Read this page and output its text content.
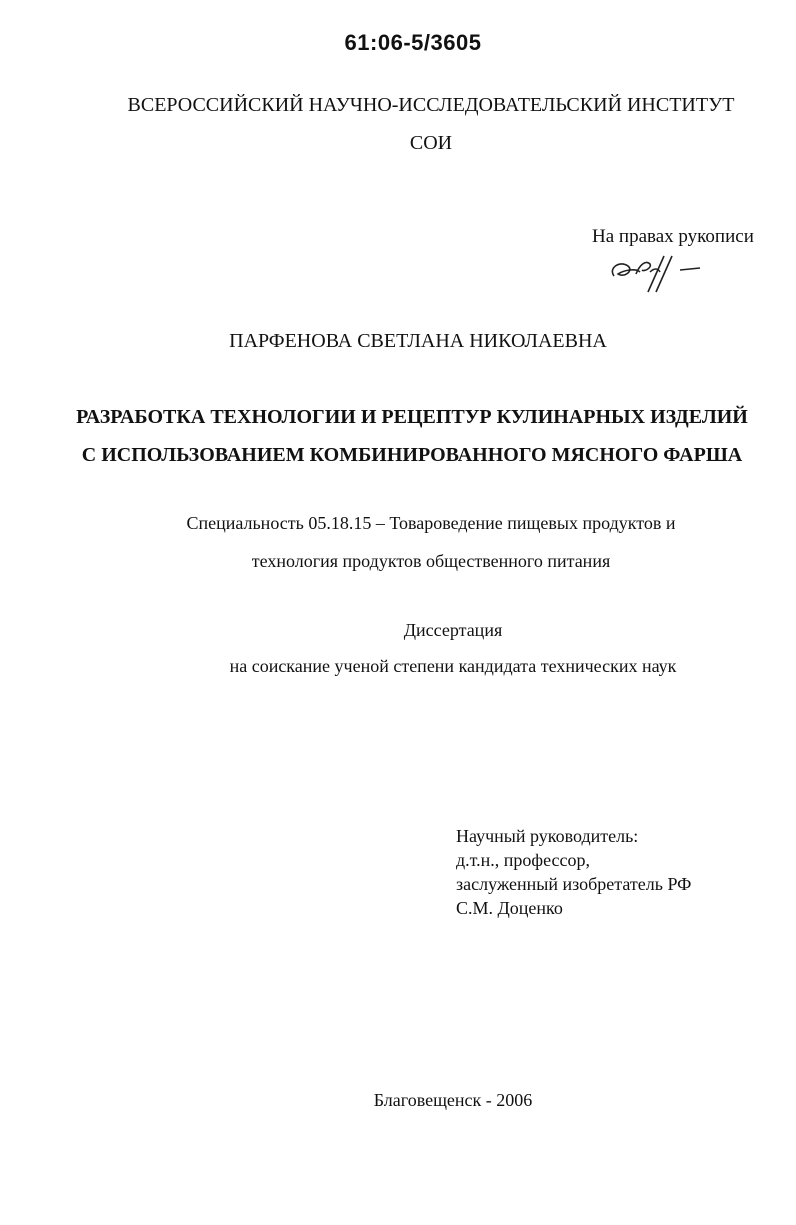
61:06-5/3605
ВСЕРОССИЙСКИЙ НАУЧНО-ИССЛЕДОВАТЕЛЬСКИЙ ИНСТИТУТ
СОИ
На правах рукописи
ПАРФЕНОВА СВЕТЛАНА НИКОЛАЕВНА
РАЗРАБОТКА ТЕХНОЛОГИИ И РЕЦЕПТУР КУЛИНАРНЫХ ИЗДЕЛИЙ
С ИСПОЛЬЗОВАНИЕМ КОМБИНИРОВАННОГО МЯСНОГО ФАРША
Специальность 05.18.15 – Товароведение пищевых продуктов и
технология продуктов общественного питания
Диссертация
на соискание ученой степени кандидата технических наук
Научный руководитель:
д.т.н., профессор,
заслуженный изобретатель РФ
С.М. Доценко
Благовещенск - 2006
